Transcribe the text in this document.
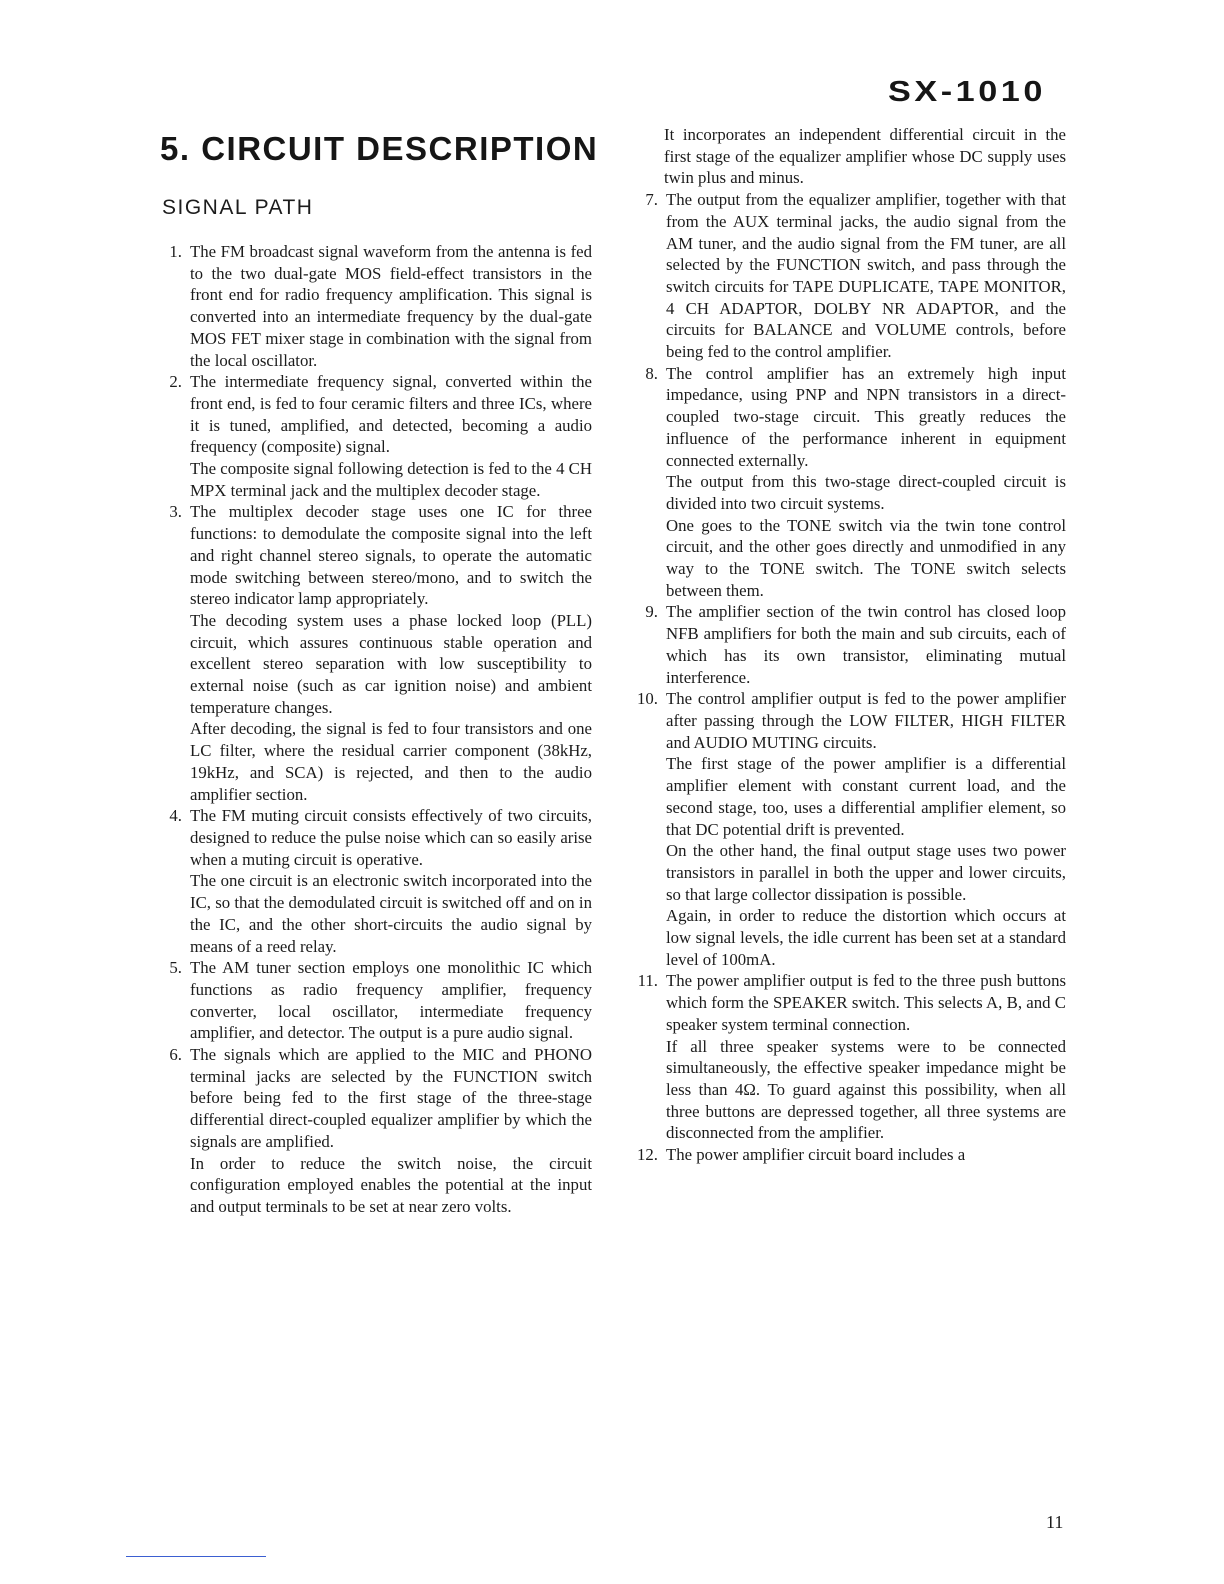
SX-1010
5. CIRCUIT DESCRIPTION
SIGNAL PATH
1. The FM broadcast signal waveform from the antenna is fed to the two dual-gate MOS field-effect transistors in the front end for radio frequency amplification. This signal is converted into an intermediate frequency by the dual-gate MOS FET mixer stage in combination with the signal from the local oscillator.

2. The intermediate frequency signal, converted within the front end, is fed to four ceramic filters and three ICs, where it is tuned, amplified, and detected, becoming a audio frequency (composite) signal.

The composite signal following detection is fed to the 4 CH MPX terminal jack and the multiplex decoder stage.

3. The multiplex decoder stage uses one IC for three functions: to demodulate the composite signal into the left and right channel stereo signals, to operate the automatic mode switching between stereo/mono, and to switch the stereo indicator lamp appropriately.

The decoding system uses a phase locked loop (PLL) circuit, which assures continuous stable operation and excellent stereo separation with low susceptibility to external noise (such as car ignition noise) and ambient temperature changes.

After decoding, the signal is fed to four transistors and one LC filter, where the residual carrier component (38kHz, 19kHz, and SCA) is rejected, and then to the audio amplifier section.

4. The FM muting circuit consists effectively of two circuits, designed to reduce the pulse noise which can so easily arise when a muting circuit is operative.

The one circuit is an electronic switch incorporated into the IC, so that the demodulated circuit is switched off and on in the IC, and the other short-circuits the audio signal by means of a reed relay.

5. The AM tuner section employs one monolithic IC which functions as radio frequency amplifier, frequency converter, local oscillator, intermediate frequency amplifier, and detector. The output is a pure audio signal.

6. The signals which are applied to the MIC and PHONO terminal jacks are selected by the FUNCTION switch before being fed to the first stage of the three-stage differential direct-coupled equalizer amplifier by which the signals are amplified.

In order to reduce the switch noise, the circuit configuration employed enables the potential at the input and output terminals to be set at near zero volts.

It incorporates an independent differential circuit in the first stage of the equalizer amplifier whose DC supply uses twin plus and minus.

7. The output from the equalizer amplifier, together with that from the AUX terminal jacks, the audio signal from the AM tuner, and the audio signal from the FM tuner, are all selected by the FUNCTION switch, and pass through the switch circuits for TAPE DUPLICATE, TAPE MONITOR, 4 CH ADAPTOR, DOLBY NR ADAPTOR, and the circuits for BALANCE and VOLUME controls, before being fed to the control amplifier.

8. The control amplifier has an extremely high input impedance, using PNP and NPN transistors in a direct-coupled two-stage circuit. This greatly reduces the influence of the performance inherent in equipment connected externally.

The output from this two-stage direct-coupled circuit is divided into two circuit systems.

One goes to the TONE switch via the twin tone control circuit, and the other goes directly and unmodified in any way to the TONE switch. The TONE switch selects between them.

9. The amplifier section of the twin control has closed loop NFB amplifiers for both the main and sub circuits, each of which has its own transistor, eliminating mutual interference.

10. The control amplifier output is fed to the power amplifier after passing through the LOW FILTER, HIGH FILTER and AUDIO MUTING circuits.

The first stage of the power amplifier is a differential amplifier element with constant current load, and the second stage, too, uses a differential amplifier element, so that DC potential drift is prevented.

On the other hand, the final output stage uses two power transistors in parallel in both the upper and lower circuits, so that large collector dissipation is possible.

Again, in order to reduce the distortion which occurs at low signal levels, the idle current has been set at a standard level of 100mA.

11. The power amplifier output is fed to the three push buttons which form the SPEAKER switch. This selects A, B, and C speaker system terminal connection.

If all three speaker systems were to be connected simultaneously, the effective speaker impedance might be less than 4Ω. To guard against this possibility, when all three buttons are depressed together, all three systems are disconnected from the amplifier.

12. The power amplifier circuit board includes a

11
